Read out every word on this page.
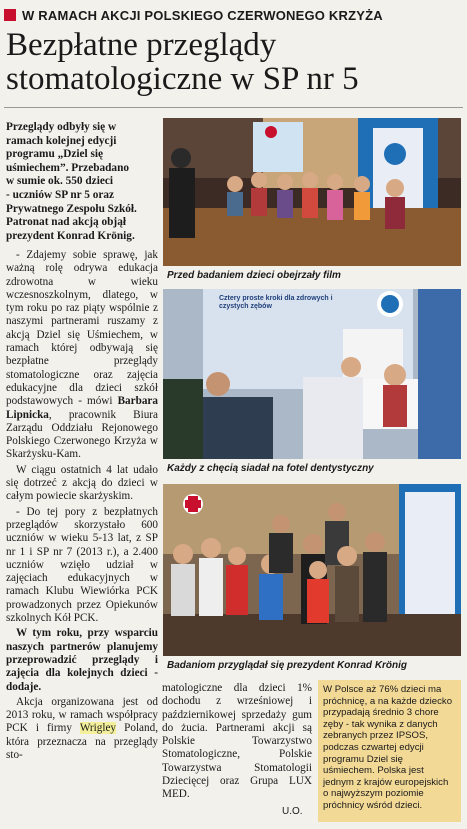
W RAMACH AKCJI POLSKIEGO CZERWONEGO KRZYŻA
Bezpłatne przeglądy
stomatologiczne w SP nr 5

Przeglądy odbyły się w
ramach kolejnej edycji
programu „Dziel się
uśmiechem”. Przebadano
w sumie ok. 550 dzieci
- uczniów SP nr 5 oraz
Prywatnego Zespołu Szkół.
Patronat nad akcją objął
prezydent Konrad Krönig.

- Zdajemy sobie sprawę, jak ważną rolę odrywa edukacja zdrowotna w wieku wczesnoszkolnym, dlatego, w tym roku po raz piąty wspólnie z naszymi partnerami ruszamy z akcją Dziel się Uśmiechem, w ramach której odbywają się bezpłatne przeglądy stomatologiczne oraz zajęcia edukacyjne dla dzieci szkół podstawowych - mówi Barbara Lipnicka, pracownik Biura Zarządu Oddziału Rejonowego Polskiego Czerwonego Krzyża w Skarżysku-Kam.

W ciągu ostatnich 4 lat udało się dotrzeć z akcją do dzieci w całym powiecie skarżyskim.

- Do tej pory z bezpłatnych przeglądów skorzystało 600 uczniów w wieku 5-13 lat, z SP nr 1 i SP nr 7 (2013 r.), a 2.400 uczniów wzięło udział w zajęciach edukacyjnych w ramach Klubu Wiewiórka PCK prowadzonych przez Opiekunów szkolnych Kół PCK.

W tym roku, przy wsparciu naszych partnerów planujemy przeprowadzić przeglądy i zajęcia dla kolejnych dzieci - dodaje.

Akcja organizowana jest od 2013 roku, w ramach współpracy PCK i firmy Wrigley Poland, która przeznacza na przeglądy sto-

Przed badaniem dzieci obejrzały film
Cztery proste kroki dla zdrowych i czystych zębów
Każdy z chęcią siadał na fotel dentystyczny
Badaniom przyglądał się prezydent Konrad Krönig

matologiczne dla dzieci 1% dochodu z wrześniowej i październikowej sprzedaży gum do żucia. Partnerami akcji są Polskie Towarzystwo Stomatologiczne, Polskie Towarzystwa Stomatologii Dziecięcej oraz Grupa LUX MED.

U.O.
W Polsce aż 76% dzieci ma próchnicę, a na każde dziecko przypadają średnio 3 chore zęby - tak wynika z danych zebranych przez IPSOS, podczas czwartej edycji programu Dziel się uśmiechem. Polska jest jednym z krajów europejskich o najwyższym poziomie próchnicy wśród dzieci.
